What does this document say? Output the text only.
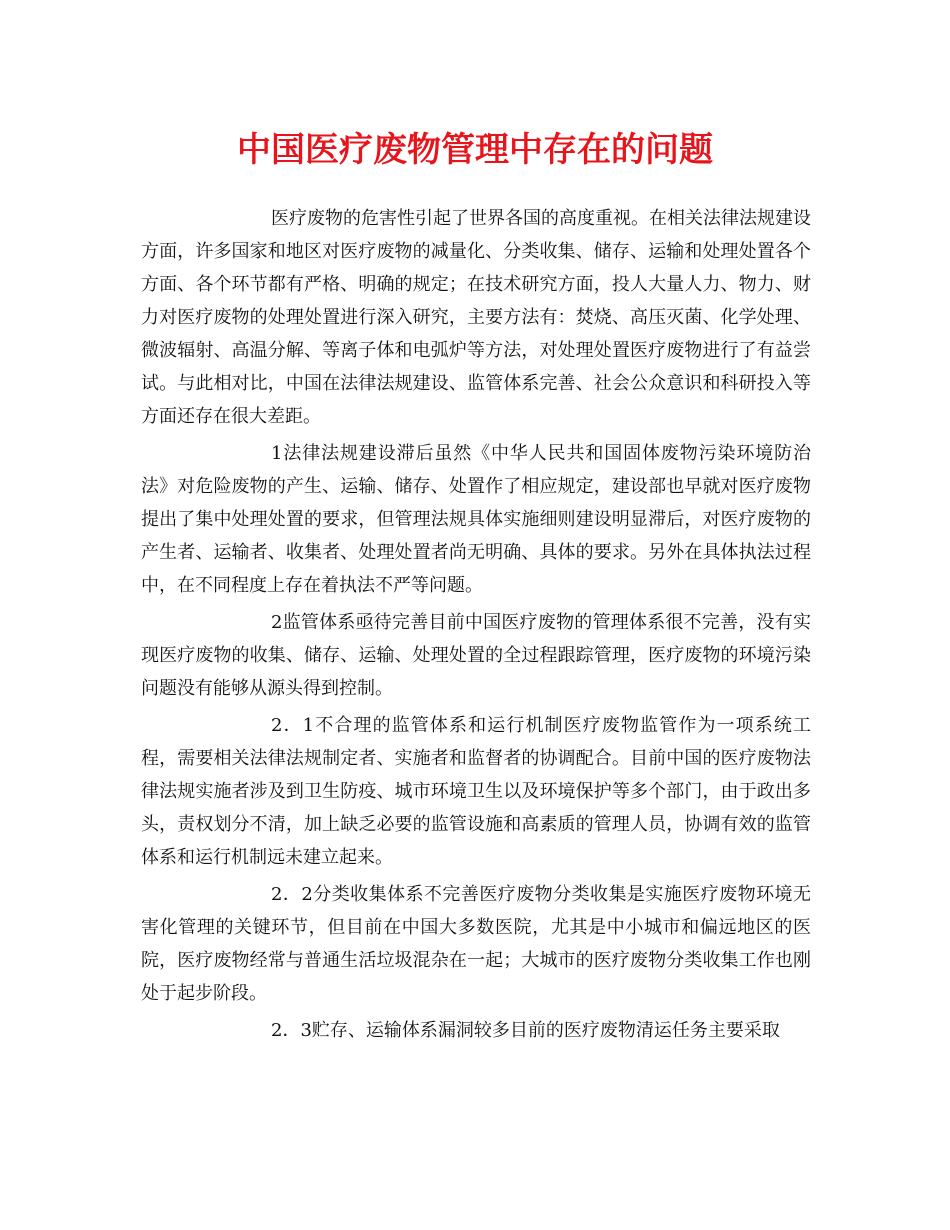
中国医疗废物管理中存在的问题

医疗废物的危害性引起了世界各国的高度重视。在相关法律法规建设方面，许多国家和地区对医疗废物的减量化、分类收集、储存、运输和处理处置各个方面、各个环节都有严格、明确的规定；在技术研究方面，投人大量人力、物力、财力对医疗废物的处理处置进行深入研究，主要方法有：焚烧、高压灭菌、化学处理、微波辐射、高温分解、等离子体和电弧炉等方法，对处理处置医疗废物进行了有益尝试。与此相对比，中国在法律法规建设、监管体系完善、社会公众意识和科研投入等方面还存在很大差距。

1法律法规建设滞后虽然《中华人民共和国固体废物污染环境防治法》对危险废物的产生、运输、储存、处置作了相应规定，建设部也早就对医疗废物提出了集中处理处置的要求，但管理法规具体实施细则建设明显滞后，对医疗废物的产生者、运输者、收集者、处理处置者尚无明确、具体的要求。另外在具体执法过程中，在不同程度上存在着执法不严等问题。

2监管体系亟待完善目前中国医疗废物的管理体系很不完善，没有实现医疗废物的收集、储存、运输、处理处置的全过程跟踪管理，医疗废物的环境污染问题没有能够从源头得到控制。

2．1不合理的监管体系和运行机制医疗废物监管作为一项系统工程，需要相关法律法规制定者、实施者和监督者的协调配合。目前中国的医疗废物法律法规实施者涉及到卫生防疫、城市环境卫生以及环境保护等多个部门，由于政出多头，责权划分不清，加上缺乏必要的监管设施和高素质的管理人员，协调有效的监管体系和运行机制远未建立起来。

2．2分类收集体系不完善医疗废物分类收集是实施医疗废物环境无害化管理的关键环节，但目前在中国大多数医院，尤其是中小城市和偏远地区的医院，医疗废物经常与普通生活垃圾混杂在一起；大城市的医疗废物分类收集工作也刚处于起步阶段。

2．3贮存、运输体系漏洞较多目前的医疗废物清运任务主要采取
